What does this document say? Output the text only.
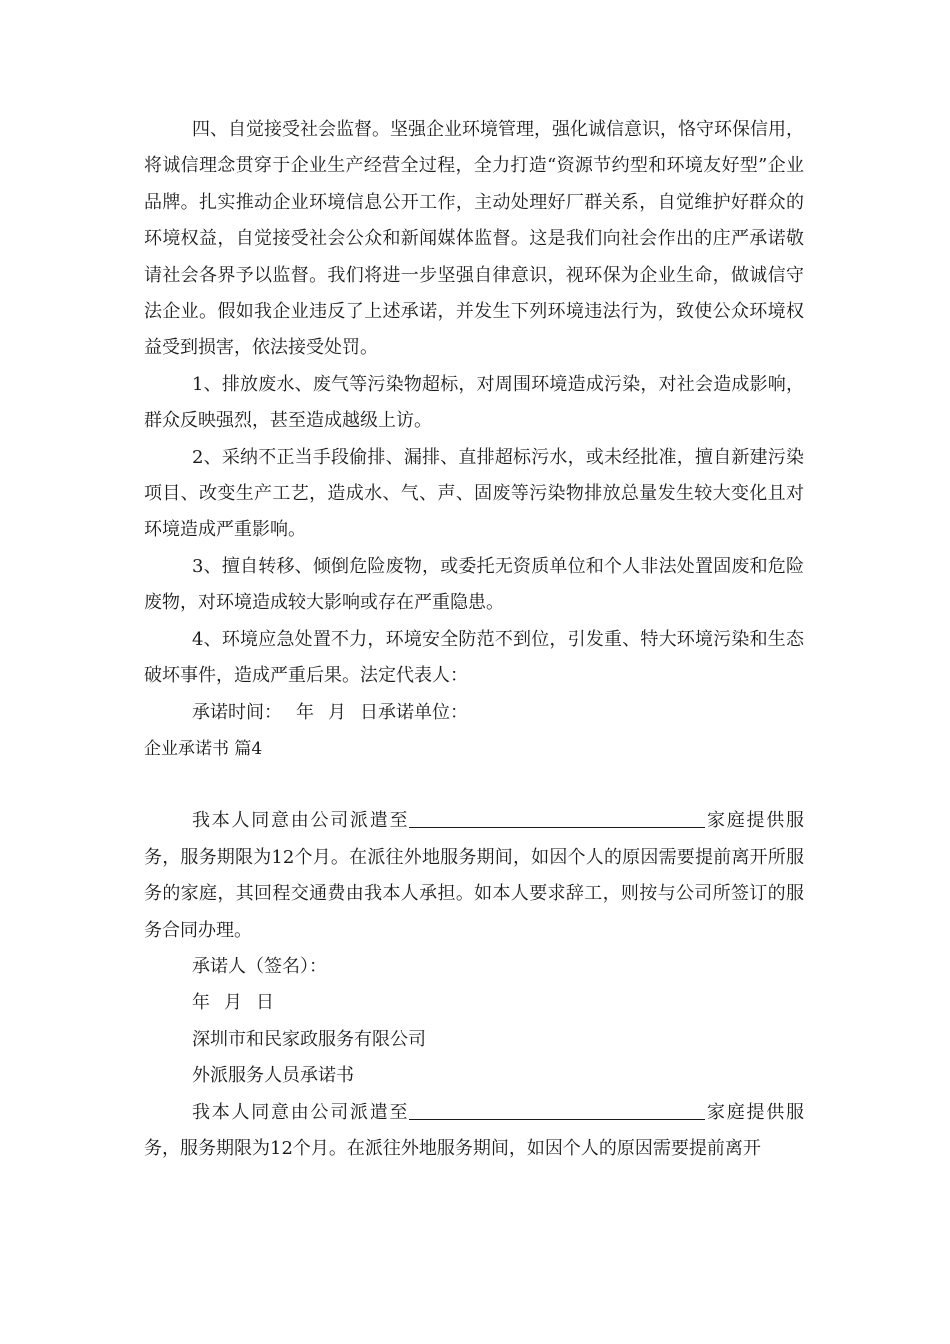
四、自觉接受社会监督。坚强企业环境管理，强化诚信意识，恪守环保信用，将诚信理念贯穿于企业生产经营全过程，全力打造“资源节约型和环境友好型”企业品牌。扎实推动企业环境信息公开工作，主动处理好厂群关系，自觉维护好群众的环境权益，自觉接受社会公众和新闻媒体监督。这是我们向社会作出的庄严承诺敬请社会各界予以监督。我们将进一步坚强自律意识，视环保为企业生命，做诚信守法企业。假如我企业违反了上述承诺，并发生下列环境违法行为，致使公众环境权益受到损害，依法接受处罚。

1、排放废水、废气等污染物超标，对周围环境造成污染，对社会造成影响，群众反映强烈，甚至造成越级上访。

2、采纳不正当手段偷排、漏排、直排超标污水，或未经批准，擅自新建污染项目、改变生产工艺，造成水、气、声、固废等污染物排放总量发生较大变化且对环境造成严重影响。

3、擅自转移、倾倒危险废物，或委托无资质单位和个人非法处置固废和危险废物，对环境造成较大影响或存在严重隐患。

4、环境应急处置不力，环境安全防范不到位，引发重、特大环境污染和生态破坏事件，造成严重后果。法定代表人：

承诺时间： 年 月 日承诺单位：

企业承诺书 篇4

我本人同意由公司派遣至	家庭提供服务，服务期限为12个月。在派往外地服务期间，如因个人的原因需要提前离开所服务的家庭，其回程交通费由我本人承担。如本人要求辞工，则按与公司所签订的服务合同办理。

承诺人（签名）：

年 月 日

深圳市和民家政服务有限公司

外派服务人员承诺书

我本人同意由公司派遣至	家庭提供服务，服务期限为12个月。在派往外地服务期间，如因个人的原因需要提前离开
